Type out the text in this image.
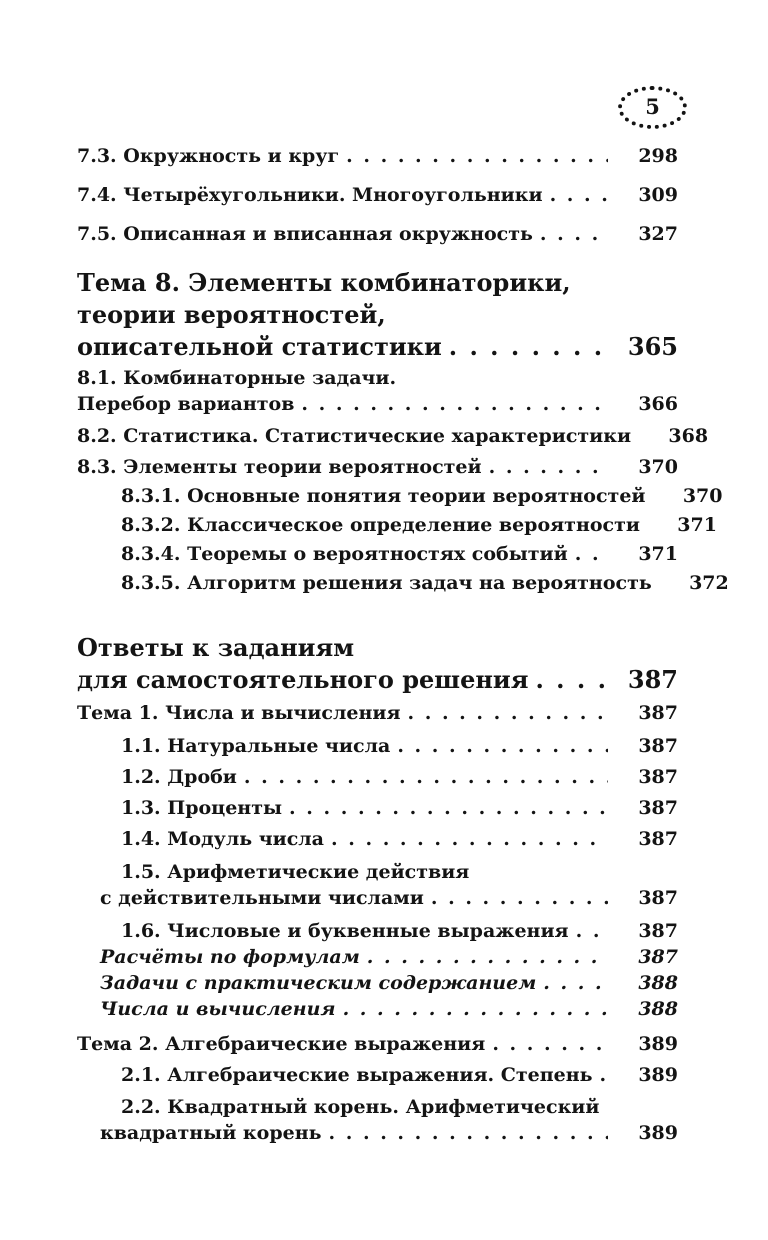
5
7.3. Окружность и круг . . .	298
7.4. Четырёхугольники. Многоугольники . . .	309
7.5. Описанная и вписанная окружность . . .	327
Тема 8. Элементы комбинаторики,
теории вероятностей,
описательной статистики . . .	365
8.1. Комбинаторные задачи.
Перебор вариантов . . .	366
8.2. Статистика. Статистические характеристики	368
8.3. Элементы теории вероятностей . . .	370
8.3.1. Основные понятия теории вероятностей	370
8.3.2. Классическое определение вероятности	371
8.3.4. Теоремы о вероятностях событий . . .	371
8.3.5. Алгоритм решения задач на вероятность	372
Ответы к заданиям
для самостоятельного решения . . .	387
Тема 1. Числа и вычисления . . .	387
1.1. Натуральные числа . . .	387
1.2. Дроби . . .	387
1.3. Проценты . . .	387
1.4. Модуль числа . . .	387
1.5. Арифметические действия
с действительными числами . . .	387
1.6. Числовые и буквенные выражения . . .	387
Расчёты по формулам . . .	387
Задачи с практическим содержанием . . .	388
Числа и вычисления . . .	388
Тема 2. Алгебраические выражения . . .	389
2.1. Алгебраические выражения. Степень . . .	389
2.2. Квадратный корень. Арифметический
квадратный корень . . .	389
